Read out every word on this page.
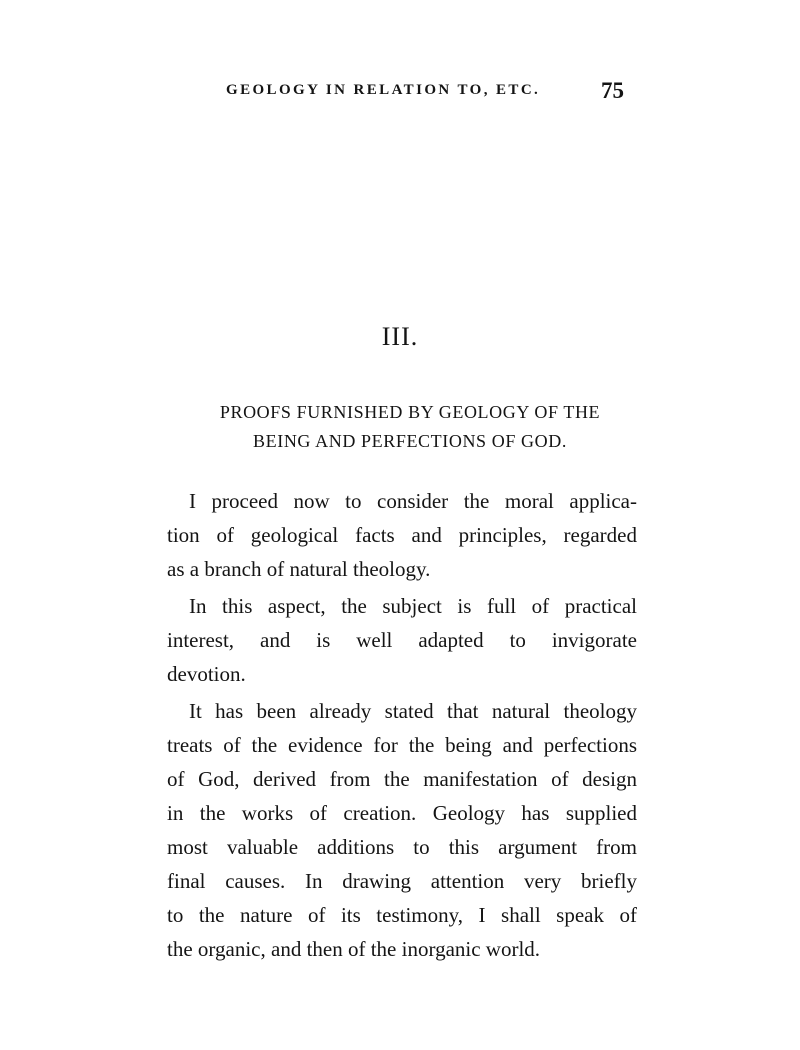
GEOLOGY IN RELATION TO, ETC.	75
III.
PROOFS FURNISHED BY GEOLOGY OF THE
BEING AND PERFECTIONS OF GOD.
I proceed now to consider the moral applica-
tion of geological facts and principles, regarded
as a branch of natural theology.
In this aspect, the subject is full of practical
interest, and is well adapted to invigorate
devotion.
It has been already stated that natural theology
treats of the evidence for the being and perfections
of God, derived from the manifestation of design
in the works of creation. Geology has supplied
most valuable additions to this argument from
final causes. In drawing attention very briefly
to the nature of its testimony, I shall speak of
the organic, and then of the inorganic world.
